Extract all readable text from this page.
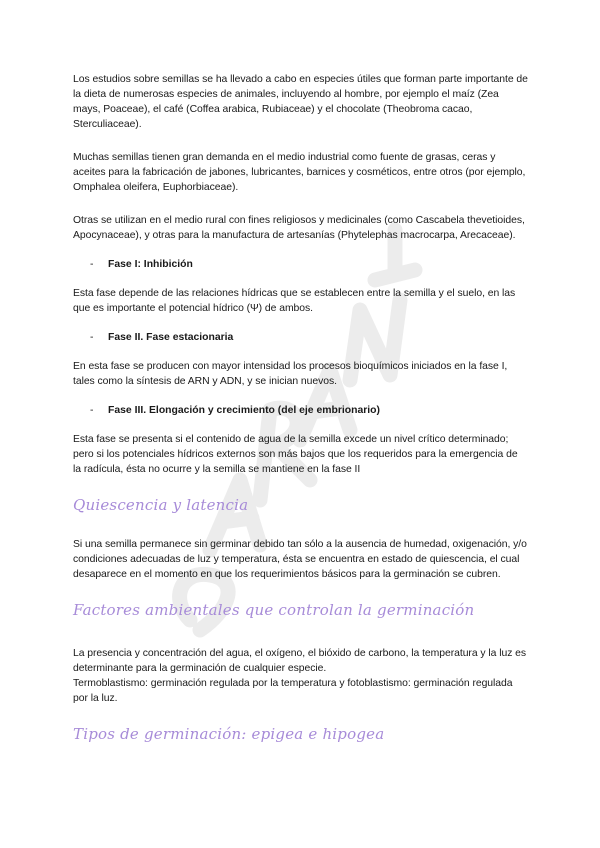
Los estudios sobre semillas se ha llevado a cabo en especies útiles que forman parte importante de la dieta de numerosas especies de animales, incluyendo al hombre, por ejemplo el maíz (Zea mays, Poaceae), el café (Coffea arabica, Rubiaceae) y el chocolate (Theobroma cacao, Sterculiaceae).

Muchas semillas tienen gran demanda en el medio industrial como fuente de grasas, ceras y aceites para la fabricación de jabones, lubricantes, barnices y cosméticos, entre otros (por ejemplo, Omphalea oleifera, Euphorbiaceae).

Otras se utilizan en el medio rural con fines religiosos y medicinales (como Cascabela thevetioides, Apocynaceae), y otras para la manufactura de artesanías (Phytelephas macrocarpa, Arecaceae).

-	Fase I: Inhibición

Esta fase depende de las relaciones hídricas que se establecen entre la semilla y el suelo, en las que es importante el potencial hídrico (Ψ) de ambos.

-	Fase II. Fase estacionaria

En esta fase se producen con mayor intensidad los procesos bioquímicos iniciados en la fase I, tales como la síntesis de ARN y ADN, y se inician nuevos.

-	Fase III. Elongación y crecimiento (del eje embrionario)

Esta fase se presenta si el contenido de agua de la semilla excede un nivel crítico determinado; pero si los potenciales hídricos externos son más bajos que los requeridos para la emergencia de la radícula, ésta no ocurre y la semilla se mantiene en la fase II

Quiescencia y latencia

Si una semilla permanece sin germinar debido tan sólo a la ausencia de humedad, oxigenación, y/o condiciones adecuadas de luz y temperatura, ésta se encuentra en estado de quiescencia, el cual desaparece en el momento en que los requerimientos básicos para la germinación se cubren.

Factores ambientales que controlan la germinación

La presencia y concentración del agua, el oxígeno, el bióxido de carbono, la temperatura y la luz es determinante para la germinación de cualquier especie.

Termoblastismo: germinación regulada por la temperatura y fotoblastismo: germinación regulada por la luz.

Tipos de germinación: epigea e hipogea
